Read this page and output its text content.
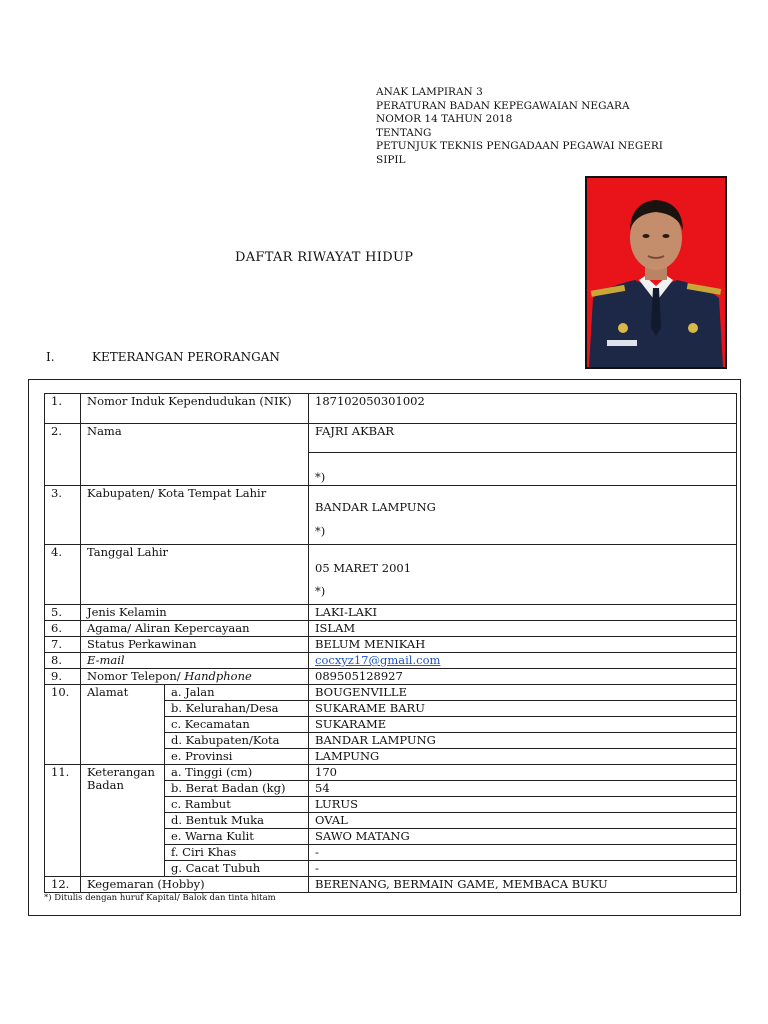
ANAK LAMPIRAN 3
PERATURAN BADAN KEPEGAWAIAN NEGARA
NOMOR 14 TAHUN 2018
TENTANG
PETUNJUK TEKNIS PENGADAAN PEGAWAI NEGERI
SIPIL
DAFTAR RIWAYAT HIDUP
I.	KETERANGAN PERORANGAN
1.	Nomor Induk Kependudukan (NIK)		187102050301002
2.	Nama		FAJRI AKBAR
			*)
3.	Kabupaten/ Kota Tempat Lahir		BANDAR LAMPUNG
*)

4.	Tanggal Lahir		05 MARET 2001
*)

5.	Jenis Kelamin		LAKI-LAKI
6.	Agama/ Aliran Kepercayaan		ISLAM
7.	Status Perkawinan		BELUM MENIKAH
8.	E-mail		cocxyz17@gmail.com
9.	Nomor Telepon/ Handphone		089505128927
10.	Alamat	a. Jalan	BOUGENVILLE
		b. Kelurahan/Desa	SUKARAME BARU
		c. Kecamatan	SUKARAME
		d. Kabupaten/Kota	BANDAR LAMPUNG
		e. Provinsi	LAMPUNG
11.	Keterangan Badan	a. Tinggi (cm)	170
		b. Berat Badan (kg)	54
		c. Rambut	LURUS
		d. Bentuk Muka	OVAL
		e. Warna Kulit	SAWO MATANG
		f. Ciri Khas	-
		g. Cacat Tubuh	-
12.	Kegemaran (Hobby)		BERENANG, BERMAIN GAME, MEMBACA BUKU
*) Ditulis dengan huruf Kapital/ Balok dan tinta hitam
